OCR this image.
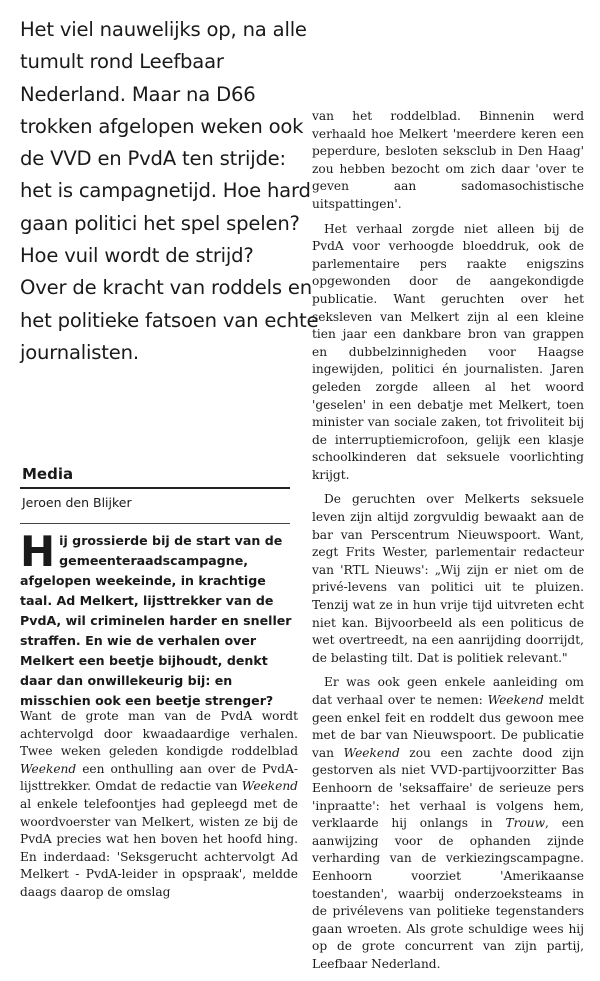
Het viel nauwelijks op, na alle tumult rond Leefbaar Nederland. Maar na D66 trokken afgelopen weken ook de VVD en PvdA ten strijde: het is campagnetijd. Hoe hard gaan politici het spel spelen? Hoe vuil wordt de strijd?
Over de kracht van roddels en het politieke fatsoen van echte journalisten.
Media
Jeroen den Blijker
Hij grossierde bij de start van de gemeenteraadscampagne, afgelopen weekeinde, in krachtige taal. Ad Melkert, lijsttrekker van de PvdA, wil criminelen harder en sneller straffen. En wie de verhalen over Melkert een beetje bijhoudt, denkt daar dan onwillekeurig bij: en misschien ook een beetje strenger?
Want de grote man van de PvdA wordt achtervolgd door kwaadaardige verhalen. Twee weken geleden kondigde roddelblad Weekend een onthulling aan over de PvdA-lijsttrekker. Omdat de redactie van Weekend al enkele telefoontjes had gepleegd met de woordvoerster van Melkert, wisten ze bij de PvdA precies wat hen boven het hoofd hing. En inderdaad: 'Seksgerucht achtervolgt Ad Melkert - PvdA-leider in opspraak', meldde daags daarop de omslag

van het roddelblad. Binnenin werd verhaald hoe Melkert 'meerdere keren een peperdure, besloten seksclub in Den Haag' zou hebben bezocht om zich daar 'over te geven aan sadomasochistische uitspattingen'.

Het verhaal zorgde niet alleen bij de PvdA voor verhoogde bloeddruk, ook de parlementaire pers raakte enigszins opgewonden door de aangekondigde publicatie. Want geruchten over het seksleven van Melkert zijn al een kleine tien jaar een dankbare bron van grappen en dubbelzinnigheden voor Haagse ingewijden, politici én journalisten. Jaren geleden zorgde alleen al het woord 'geselen' in een debatje met Melkert, toen minister van sociale zaken, tot frivoliteit bij de interruptiemicrofoon, gelijk een klasje schoolkinderen dat seksuele voorlichting krijgt.

De geruchten over Melkerts seksuele leven zijn altijd zorgvuldig bewaakt aan de bar van Perscentrum Nieuwspoort. Want, zegt Frits Wester, parlementair redacteur van 'RTL Nieuws': „Wij zijn er niet om de privé-levens van politici uit te pluizen. Tenzij wat ze in hun vrije tijd uitvreten echt niet kan. Bijvoorbeeld als een politicus de wet overtreedt, na een aanrijding doorrijdt, de belasting tilt. Dat is politiek relevant."

Er was ook geen enkele aanleiding om dat verhaal over te nemen: Weekend meldt geen enkel feit en roddelt dus gewoon mee met de bar van Nieuwspoort. De publicatie van Weekend zou een zachte dood zijn gestorven als niet VVD-partijvoorzitter Bas Eenhoorn de 'seksaffaire' de serieuze pers 'inpraatte': het verhaal is volgens hem, verklaarde hij onlangs in Trouw, een aanwijzing voor de ophanden zijnde verharding van de verkiezingscampagne. Eenhoorn voorziet 'Amerikaanse toestanden', waarbij onderzoeksteams in de privélevens van politieke tegenstanders gaan wroeten. Als grote schuldige wees hij op de grote concurrent van zijn partij, Leefbaar Nederland.
